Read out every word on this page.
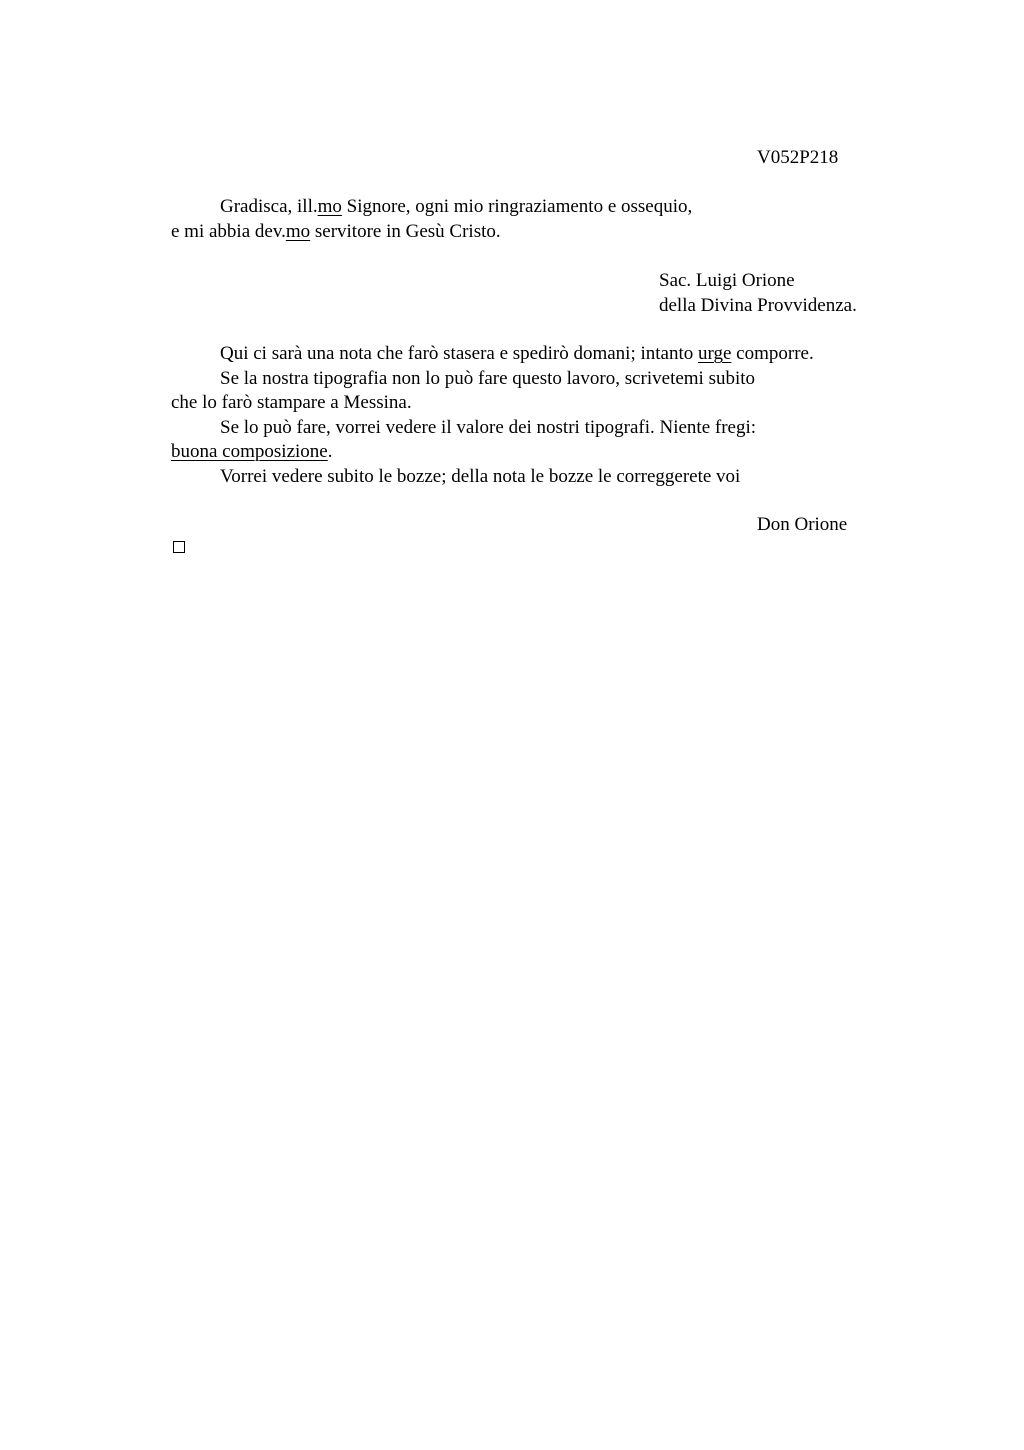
V052P218
Gradisca, ill.mo Signore, ogni mio ringraziamento e ossequio,
e mi abbia dev.mo servitore in Gesù Cristo.
Sac. Luigi Orione
della Divina Provvidenza.
Qui ci sarà una nota che farò stasera e spedirò domani; intanto urge comporre.
Se la nostra tipografia non lo può fare questo lavoro, scrivetemi subito
che lo farò stampare a Messina.
Se lo può fare, vorrei vedere il valore dei nostri tipografi. Niente fregi:
buona composizione.
Vorrei vedere subito le bozze; della nota le bozze le correggerete voi
Don Orione
